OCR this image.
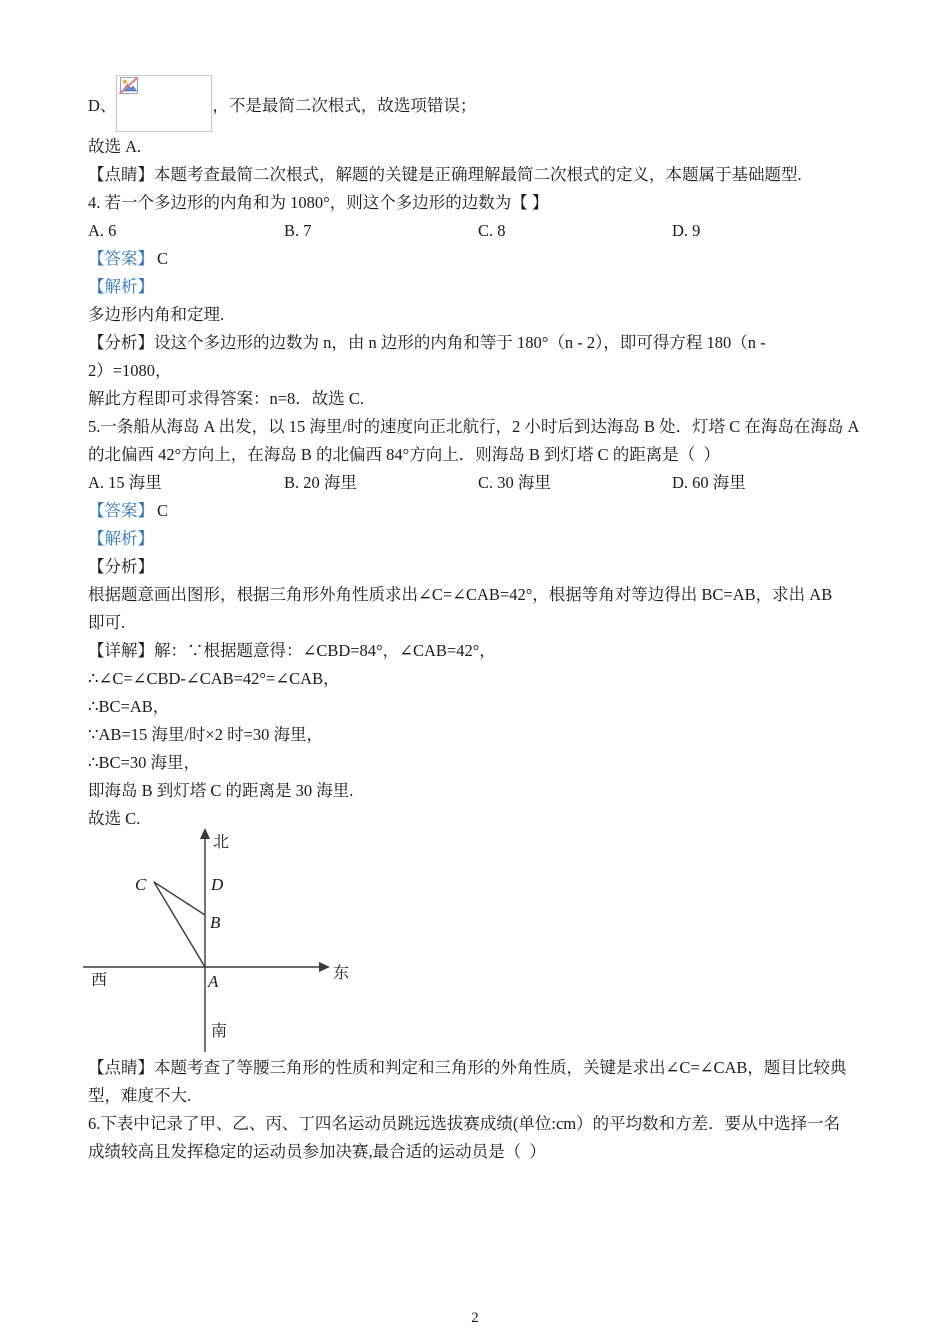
D、

	，不是最简二次根式，故选项错误；
故选 A.
【点睛】本题考查最简二次根式，解题的关键是正确理解最简二次根式的定义，本题属于基础题型.
4. 若一个多边形的内角和为 1080°，则这个多边形的边数为【 】

A. 6

	B. 7

	C. 8

	D. 9

【答案】 C
【解析】
多边形内角和定理.
【分析】设这个多边形的边数为 n，由 n 边形的内角和等于 180°（n - 2），即可得方程 180（n -
2）=1080，
解此方程即可求得答案：n=8．故选 C.
5.一条船从海岛 A 出发，以 15 海里/时的速度向正北航行，2 小时后到达海岛 B 处．灯塔 C 在海岛在海岛 A
的北偏西 42°方向上，在海岛 B 的北偏西 84°方向上．则海岛 B 到灯塔 C 的距离是（  ）

A. 15 海里

	B. 20 海里

	C. 30 海里

	D. 60 海里

【答案】 C
【解析】
【分析】
根据题意画出图形，根据三角形外角性质求出∠C=∠CAB=42°，根据等角对等边得出 BC=AB，求出 AB
即可.
【详解】解：∵根据题意得：∠CBD=84°，∠CAB=42°，
∴∠C=∠CBD-∠CAB=42°=∠CAB，
∴BC=AB，
∵AB=15 海里/时×2 时=30 海里，
∴BC=30 海里，
即海岛 B 到灯塔 C 的距离是 30 海里.
故选 C.
北
东
西
南
C	D
B
A
【点睛】本题考查了等腰三角形的性质和判定和三角形的外角性质，关键是求出∠C=∠CAB，题目比较典
型，难度不大.
6.下表中记录了甲、乙、丙、丁四名运动员跳远选拔赛成绩(单位:cm）的平均数和方差．要从中选择一名
成绩较高且发挥稳定的运动员参加决赛,最合适的运动员是（  ）
2
